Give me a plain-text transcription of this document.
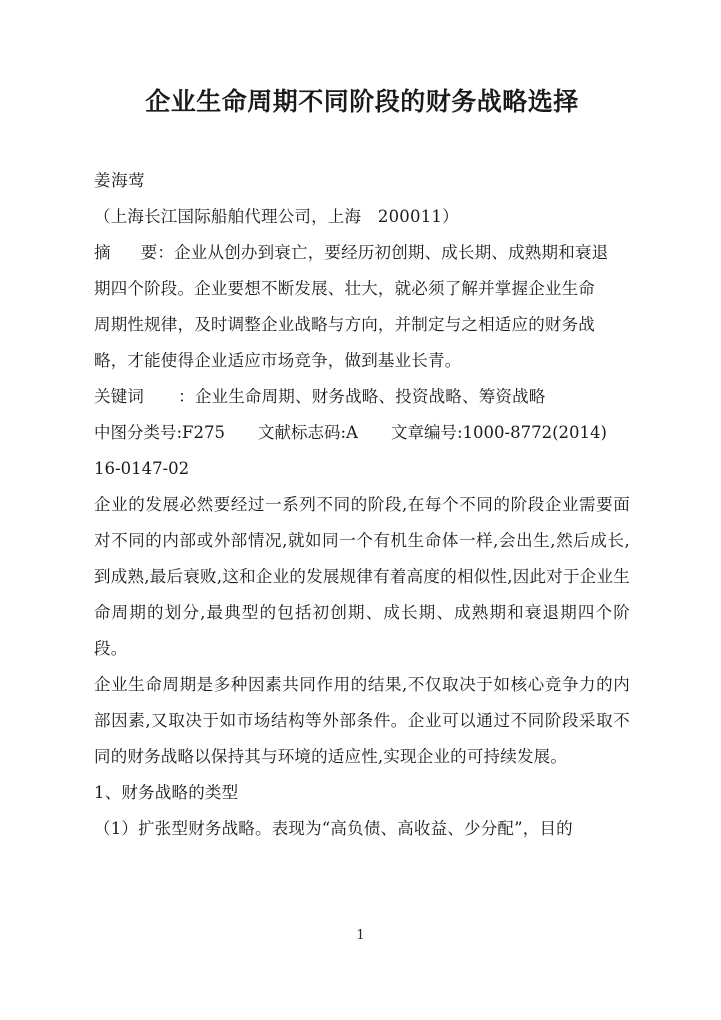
企业生命周期不同阶段的财务战略选择
姜海莺
（上海长江国际船舶代理公司，上海　200011）
摘 要：企业从创办到衰亡，要经历初创期、成长期、成熟期和衰退
期四个阶段。企业要想不断发展、壮大，就必须了解并掌握企业生命
周期性规律，及时调整企业战略与方向，并制定与之相适应的财务战
略，才能使得企业适应市场竞争，做到基业长青。
关键词 ：企业生命周期、财务战略、投资战略、筹资战略
中图分类号:F275　　文献标志码:A　　文章编号:1000-8772(2014)
16-0147-02

企业的发展必然要经过一系列不同的阶段,在每个不同的阶段企业需要面对不同的内部或外部情况,就如同一个有机生命体一样,会出生,然后成长,到成熟,最后衰败,这和企业的发展规律有着高度的相似性,因此对于企业生命周期的划分,最典型的包括初创期、成长期、成熟期和衰退期四个阶段。

企业生命周期是多种因素共同作用的结果,不仅取决于如核心竞争力的内部因素,又取决于如市场结构等外部条件。企业可以通过不同阶段采取不同的财务战略以保持其与环境的适应性,实现企业的可持续发展。

1、财务战略的类型

（1）扩张型财务战略。表现为“高负债、高收益、少分配”，目的

1
